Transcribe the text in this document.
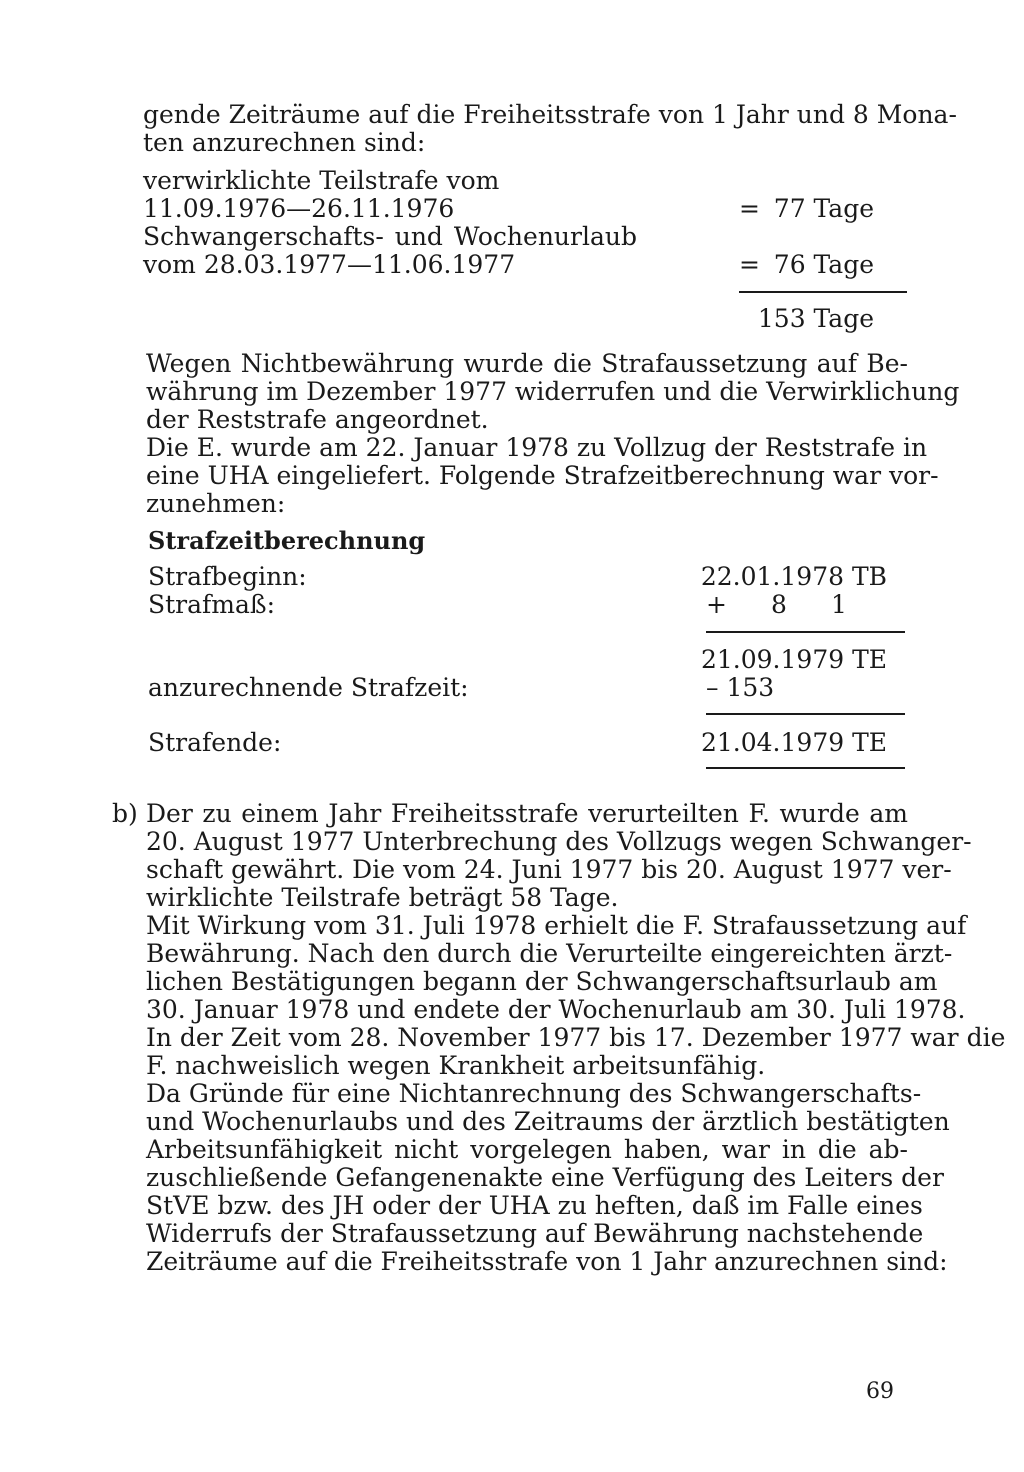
gende Zeiträume auf die Freiheitsstrafe von 1 Jahr und 8 Mona-
ten anzurechnen sind:
verwirklichte Teilstrafe vom
11.09.1976—26.11.1976	= 77 Tage
Schwangerschafts- und Wochenurlaub
vom 28.03.1977—11.06.1977	= 76 Tage
153 Tage
Wegen Nichtbewährung wurde die Strafaussetzung auf Be-
währung im Dezember 1977 widerrufen und die Verwirklichung
der Reststrafe angeordnet.
Die E. wurde am 22. Januar 1978 zu Vollzug der Reststrafe in
eine UHA eingeliefert. Folgende Strafzeitberechnung war vor-
zunehmen:
Strafzeitberechnung
Strafbeginn:	22.01.1978 TB
Strafmaß:	+ 8 1
21.09.1979 TE
anzurechnende Strafzeit:	– 153
Strafende:	21.04.1979 TE
b) Der zu einem Jahr Freiheitsstrafe verurteilten F. wurde am
20. August 1977 Unterbrechung des Vollzugs wegen Schwanger-
schaft gewährt. Die vom 24. Juni 1977 bis 20. August 1977 ver-
wirklichte Teilstrafe beträgt 58 Tage.
Mit Wirkung vom 31. Juli 1978 erhielt die F. Strafaussetzung auf
Bewährung. Nach den durch die Verurteilte eingereichten ärzt-
lichen Bestätigungen begann der Schwangerschaftsurlaub am
30. Januar 1978 und endete der Wochenurlaub am 30. Juli 1978.
In der Zeit vom 28. November 1977 bis 17. Dezember 1977 war die
F. nachweislich wegen Krankheit arbeitsunfähig.
Da Gründe für eine Nichtanrechnung des Schwangerschafts-
und Wochenurlaubs und des Zeitraums der ärztlich bestätigten
Arbeitsunfähigkeit nicht vorgelegen haben, war in die ab-
zuschließende Gefangenenakte eine Verfügung des Leiters der
StVE bzw. des JH oder der UHA zu heften, daß im Falle eines
Widerrufs der Strafaussetzung auf Bewährung nachstehende
Zeiträume auf die Freiheitsstrafe von 1 Jahr anzurechnen sind:
69
